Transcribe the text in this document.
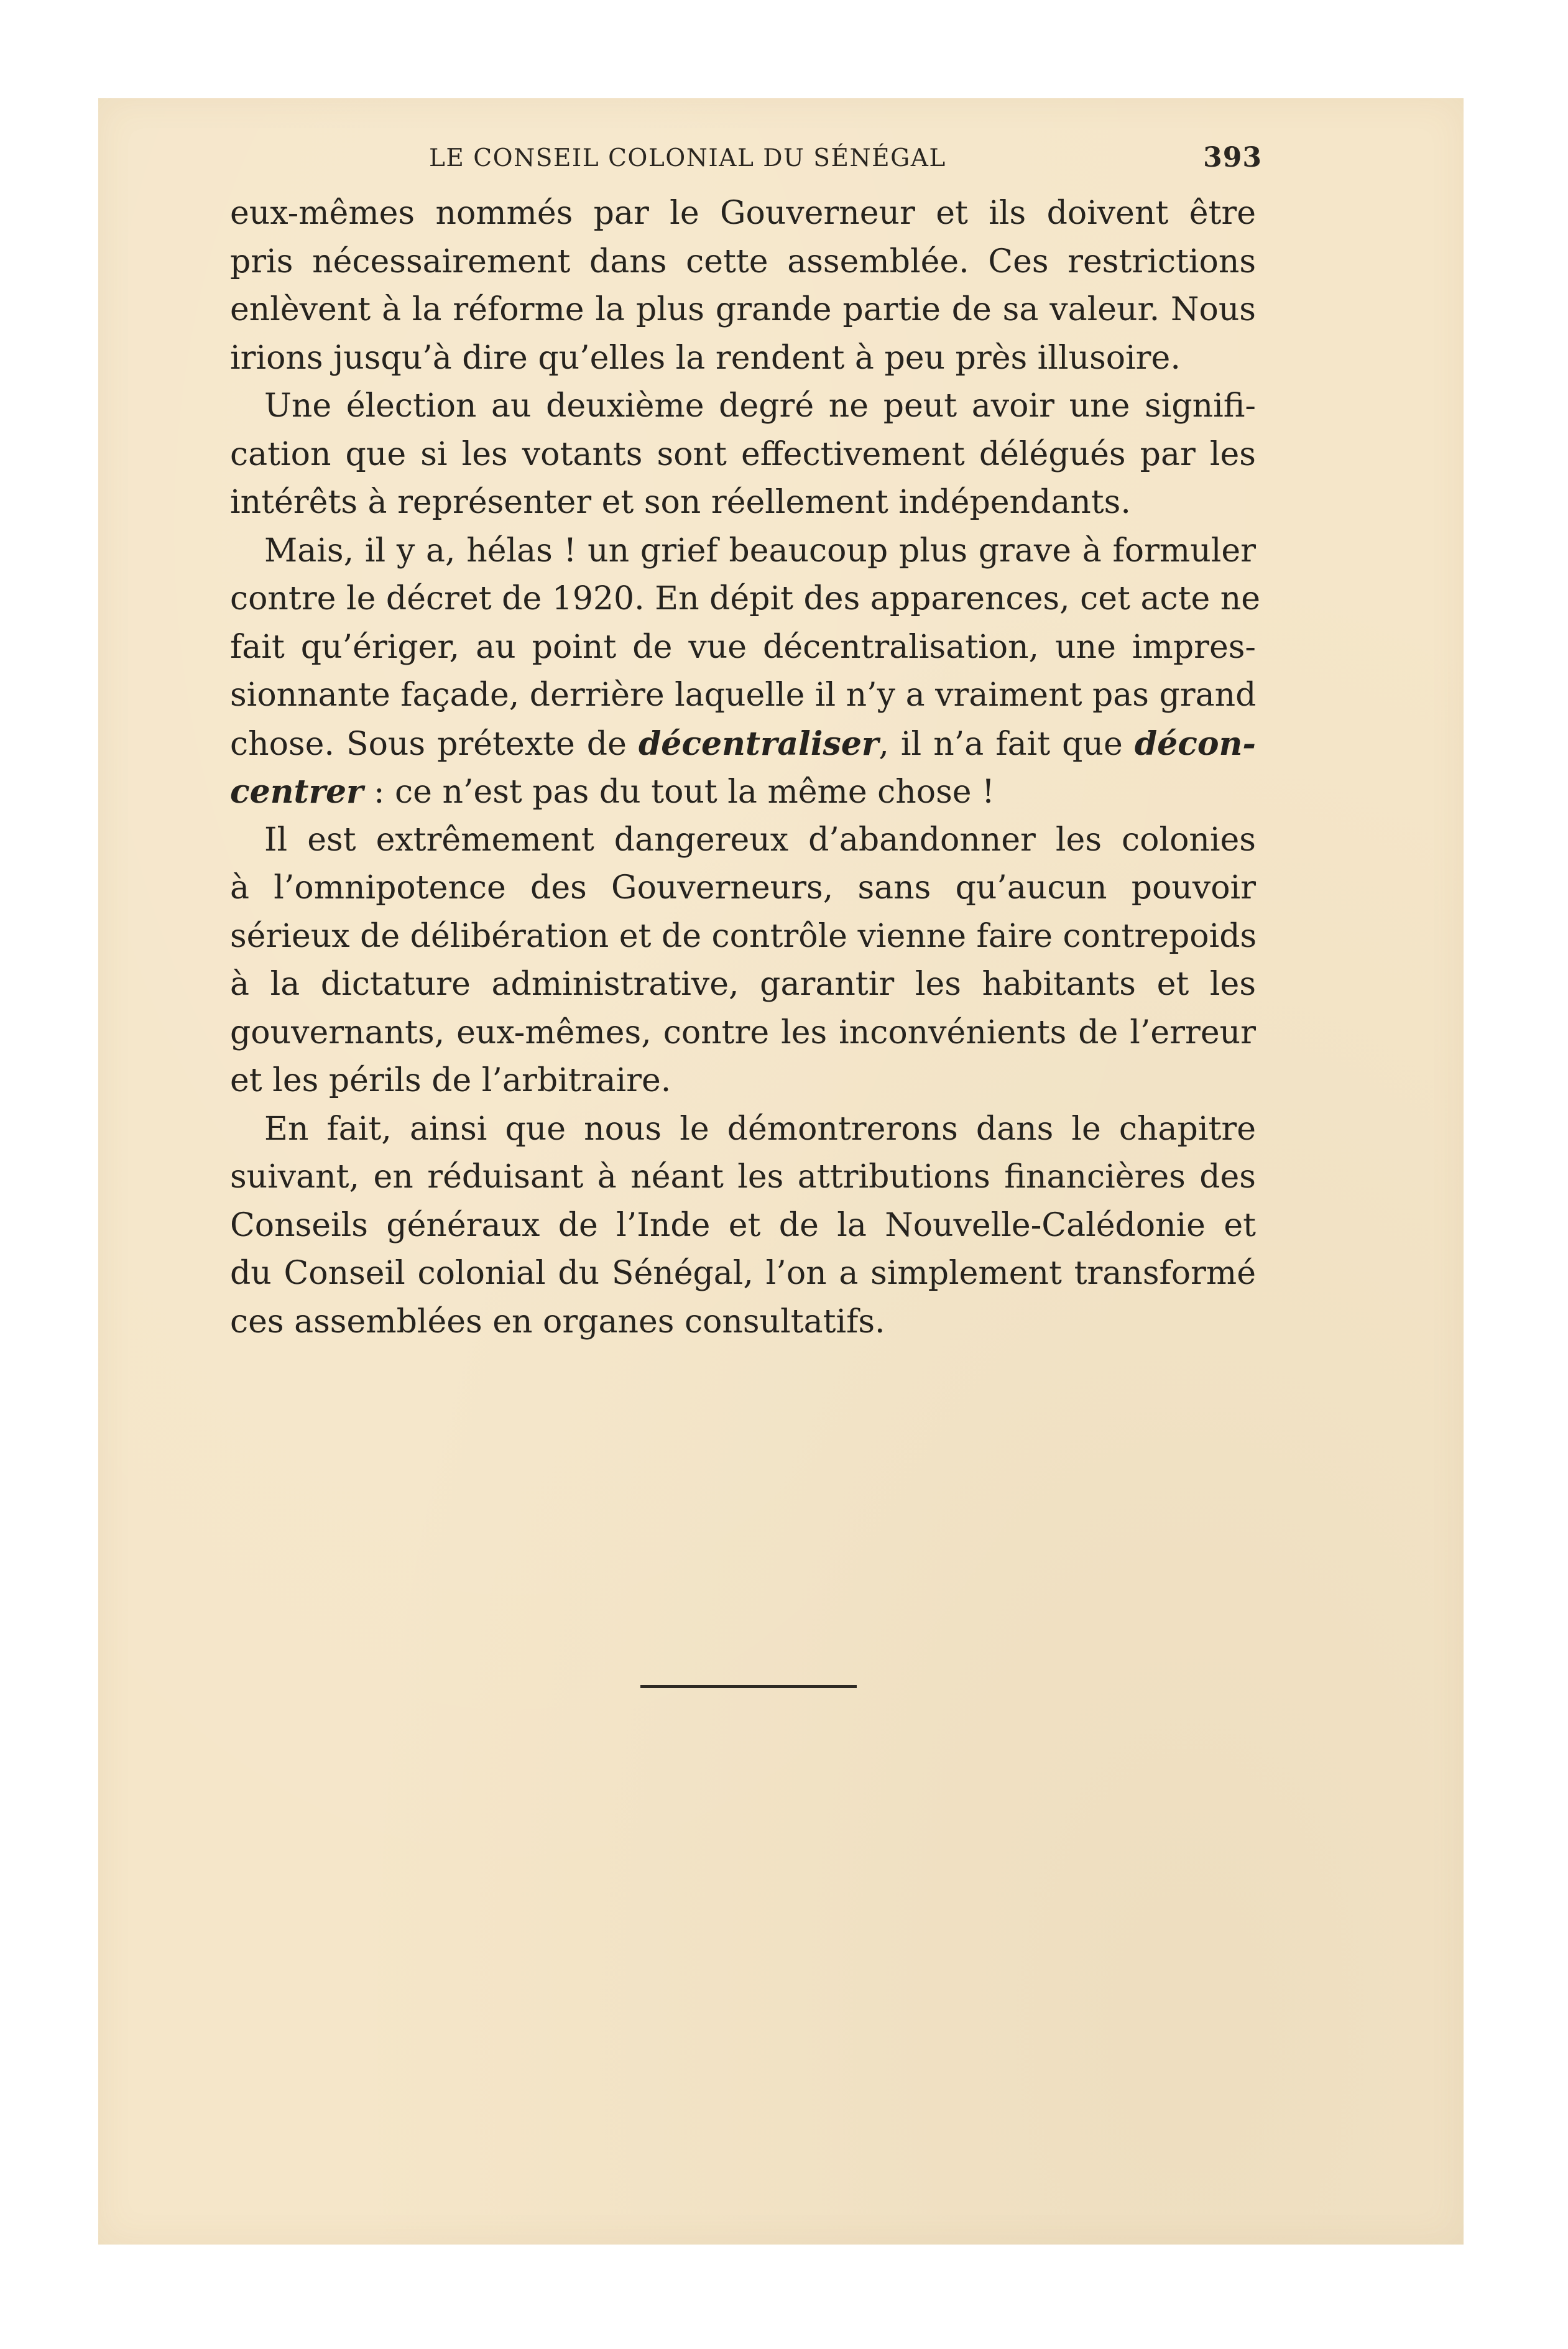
LE CONSEIL COLONIAL DU SÉNÉGAL	393
eux-mêmes nommés par le Gouverneur et ils doivent être
pris nécessairement dans cette assemblée. Ces restrictions
enlèvent à la réforme la plus grande partie de sa valeur. Nous
irions jusqu’à dire qu’elles la rendent à peu près illusoire.
Une élection au deuxième degré ne peut avoir une signifi-
cation que si les votants sont effectivement délégués par les
intérêts à représenter et son réellement indépendants.
Mais, il y a, hélas ! un grief beaucoup plus grave à formuler
contre le décret de 1920. En dépit des apparences, cet acte ne
fait qu’ériger, au point de vue décentralisation, une impres-
sionnante façade, derrière laquelle il n’y a vraiment pas grand
chose. Sous prétexte de décentraliser, il n’a fait que décon-
centrer : ce n’est pas du tout la même chose !
Il est extrêmement dangereux d’abandonner les colonies
à l’omnipotence des Gouverneurs, sans qu’aucun pouvoir
sérieux de délibération et de contrôle vienne faire contrepoids
à la dictature administrative, garantir les habitants et les
gouvernants, eux-mêmes, contre les inconvénients de l’erreur
et les périls de l’arbitraire.
En fait, ainsi que nous le démontrerons dans le chapitre
suivant, en réduisant à néant les attributions financières des
Conseils généraux de l’Inde et de la Nouvelle-Calédonie et
du Conseil colonial du Sénégal, l’on a simplement transformé
ces assemblées en organes consultatifs.
